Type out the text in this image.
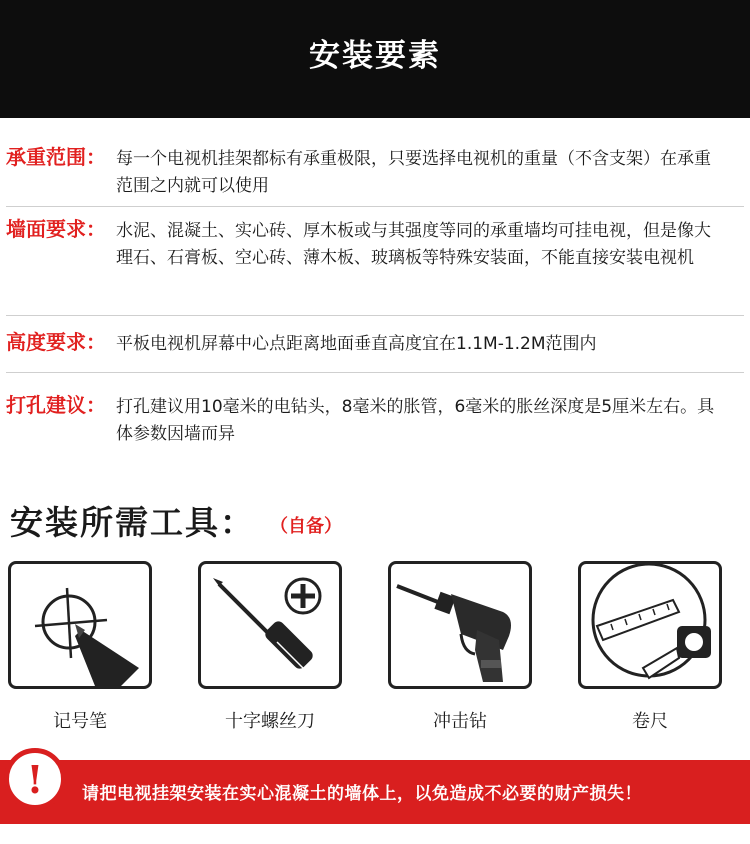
安装要素
承重范围： 每一个电视机挂架都标有承重极限，只要选择电视机的重量（不含支架）在承重范围之内就可以使用
墙面要求： 水泥、混凝土、实心砖、厚木板或与其强度等同的承重墙均可挂电视，但是像大理石、石膏板、空心砖、薄木板、玻璃板等特殊安装面，不能直接安装电视机
高度要求： 平板电视机屏幕中心点距离地面垂直高度宜在1.1M-1.2M范围内
打孔建议： 打孔建议用10毫米的电钻头，8毫米的胀管，6毫米的胀丝深度是5厘米左右。具体参数因墙而异
安装所需工具： （自备）
记号笔	十字螺丝刀	冲击钻	卷尺
!	请把电视挂架安装在实心混凝土的墙体上，以免造成不必要的财产损失！
